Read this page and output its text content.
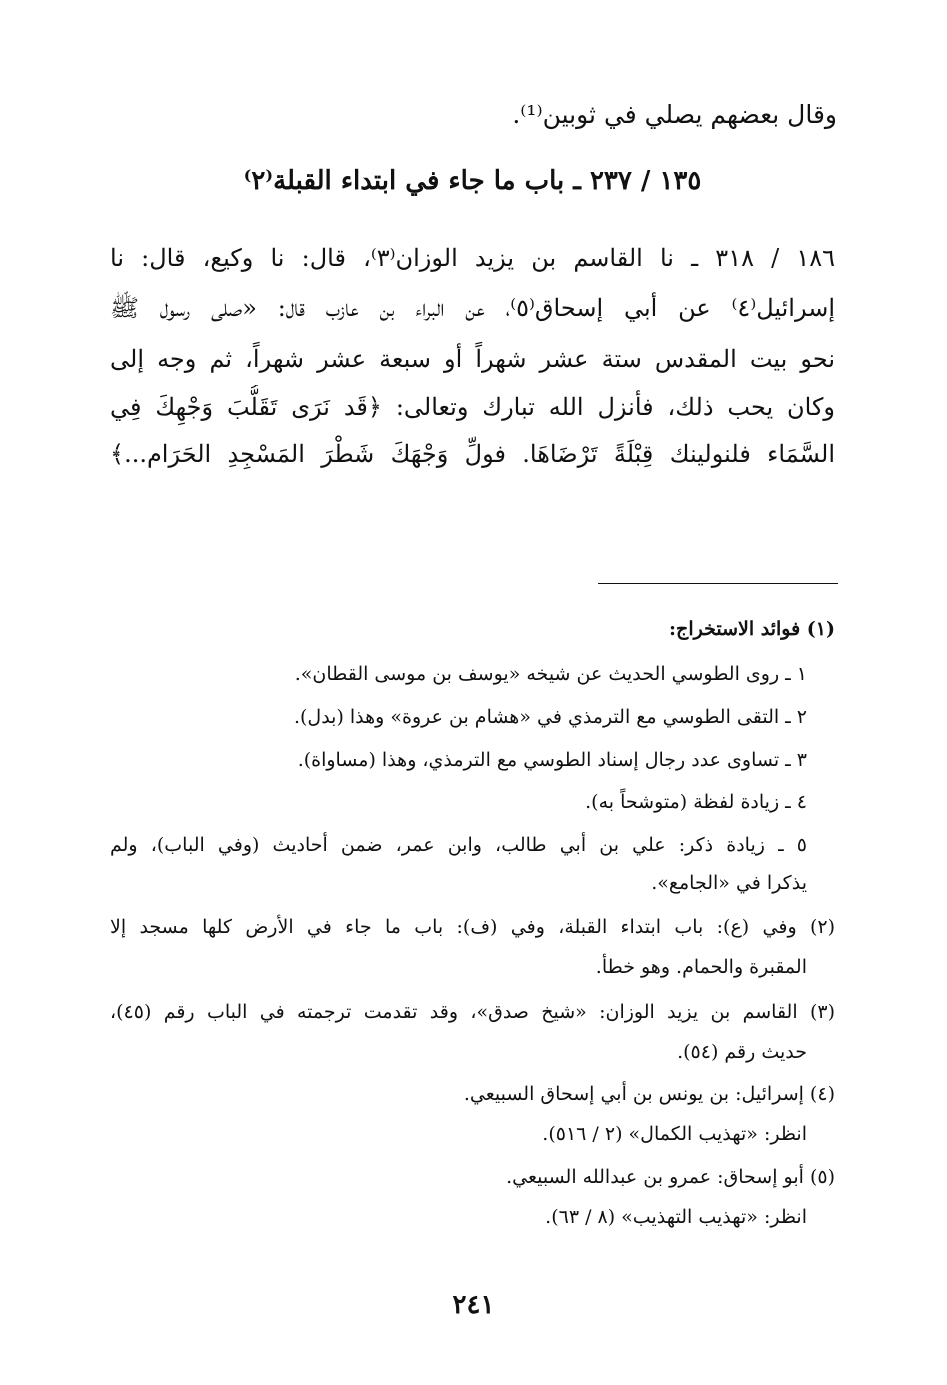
وقال بعضهم يصلي في ثوبين⁽¹⁾.
١٣٥ / ٢٣٧ ـ باب ما جاء في ابتداء القبلة⁽٢⁾
١٨٦ / ٣١٨ ـ نا القاسم بن يزيد الوزان⁽٣⁾، قال: نا وكيع، قال: نا
إسرائيل⁽٤⁾ عن أبي إسحاق⁽٥⁾، عن البراء بن عازب قال: «صلى رسول ﷺ
نحو بيت المقدس ستة عشر شهراً أو سبعة عشر شهراً، ثم وجه إلى
وكان يحب ذلك، فأنزل الله تبارك وتعالى: ﴿قَد نَرَى تَقَلُّبَ وَجْهِكَ فِي
السَّمَاء فلنولينك قِبْلَةً تَرْضَاهَا. فولِّ وَجْهَكَ شَطْرَ المَسْجِدِ الحَرَام...﴾
(١) فوائد الاستخراج:
١ ـ روى الطوسي الحديث عن شيخه «يوسف بن موسى القطان».
٢ ـ التقى الطوسي مع الترمذي في «هشام بن عروة» وهذا (بدل).
٣ ـ تساوى عدد رجال إسناد الطوسي مع الترمذي، وهذا (مساواة).
٤ ـ زيادة لفظة (متوشحاً به).
٥ ـ زيادة ذكر: علي بن أبي طالب، وابن عمر، ضمن أحاديث (وفي الباب)، ولم
يذكرا في «الجامع».
(٢) وفي (ع): باب ابتداء القبلة، وفي (ف): باب ما جاء في الأرض كلها مسجد إلا
المقبرة والحمام. وهو خطأ.
(٣) القاسم بن يزيد الوزان: «شيخ صدق»، وقد تقدمت ترجمته في الباب رقم (٤٥)،
حديث رقم (٥٤).
(٤) إسرائيل: بن يونس بن أبي إسحاق السبيعي.
انظر: «تهذيب الكمال» (٢ / ٥١٦).
(٥) أبو إسحاق: عمرو بن عبدالله السبيعي.
انظر: «تهذيب التهذيب» (٨ / ٦٣).
٢٤١
